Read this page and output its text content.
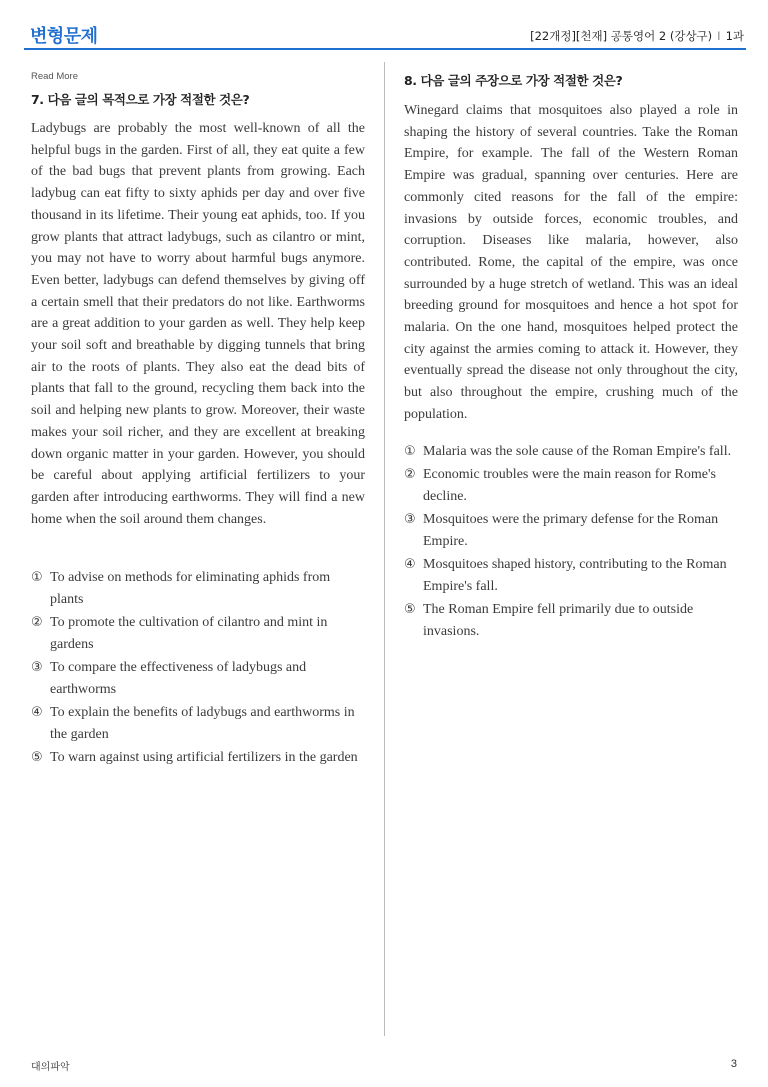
변형문제	[22개정][천재] 공통영어 2 (강상구) I 1과
Read More
7. 다음 글의 목적으로 가장 적절한 것은?
Ladybugs are probably the most well-known of all the helpful bugs in the garden. First of all, they eat quite a few of the bad bugs that prevent plants from growing. Each ladybug can eat fifty to sixty aphids per day and over five thousand in its lifetime. Their young eat aphids, too. If you grow plants that attract ladybugs, such as cilantro or mint, you may not have to worry about harmful bugs anymore. Even better, ladybugs can defend themselves by giving off a certain smell that their predators do not like. Earthworms are a great addition to your garden as well. They help keep your soil soft and breathable by digging tunnels that bring air to the roots of plants. They also eat the dead bits of plants that fall to the ground, recycling them back into the soil and helping new plants to grow. Moreover, their waste makes your soil richer, and they are excellent at breaking down organic matter in your garden. However, you should be careful about applying artificial fertilizers to your garden after introducing earthworms. They will find a new home when the soil around them changes.
① To advise on methods for eliminating aphids from plants
② To promote the cultivation of cilantro and mint in gardens
③ To compare the effectiveness of ladybugs and earthworms
④ To explain the benefits of ladybugs and earthworms in the garden
⑤ To warn against using artificial fertilizers in the garden
8. 다음 글의 주장으로 가장 적절한 것은?
Winegard claims that mosquitoes also played a role in shaping the history of several countries. Take the Roman Empire, for example. The fall of the Western Roman Empire was gradual, spanning over centuries. Here are commonly cited reasons for the fall of the empire: invasions by outside forces, economic troubles, and corruption. Diseases like malaria, however, also contributed. Rome, the capital of the empire, was once surrounded by a huge stretch of wetland. This was an ideal breeding ground for mosquitoes and hence a hot spot for malaria. On the one hand, mosquitoes helped protect the city against the armies coming to attack it. However, they eventually spread the disease not only throughout the city, but also throughout the empire, crushing much of the population.
① Malaria was the sole cause of the Roman Empire's fall.
② Economic troubles were the main reason for Rome's decline.
③ Mosquitoes were the primary defense for the Roman Empire.
④ Mosquitoes shaped history, contributing to the Roman Empire's fall.
⑤ The Roman Empire fell primarily due to outside invasions.
대의파악	3
